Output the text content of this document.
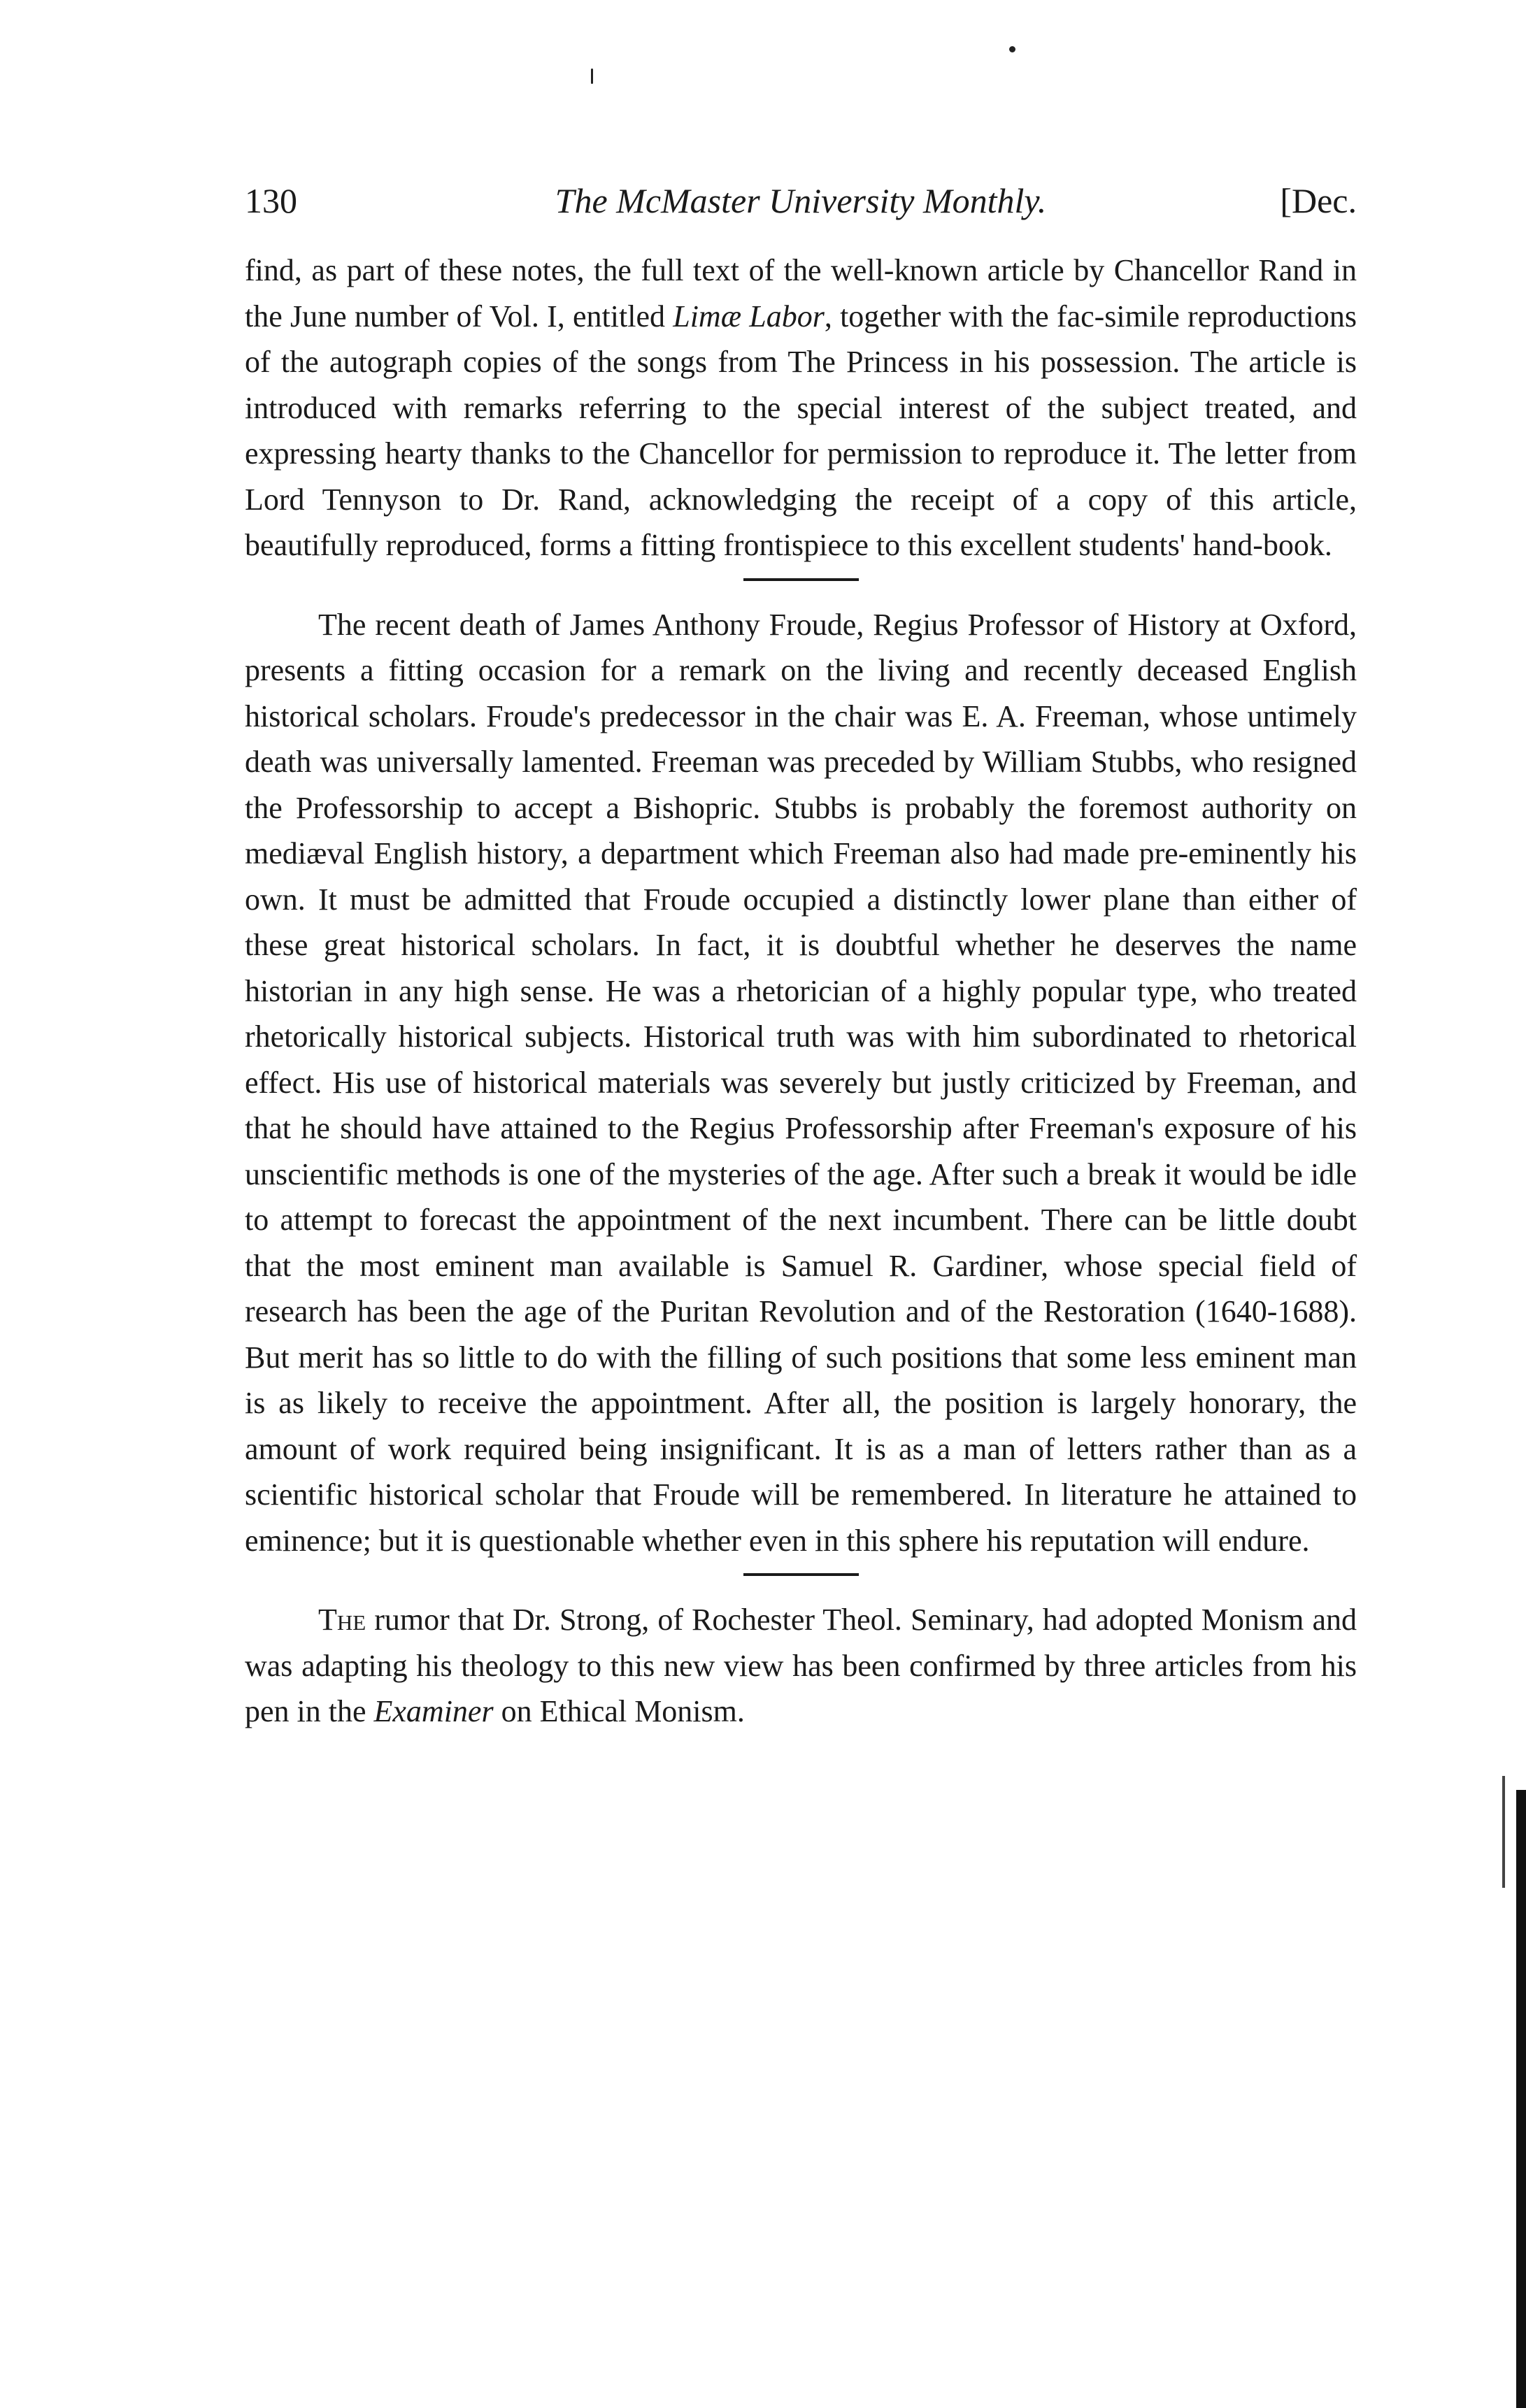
130	The McMaster University Monthly.	[Dec.

find, as part of these notes, the full text of the well-known article by Chancellor Rand in the June number of Vol. I, entitled Limæ Labor, together with the fac-simile reproductions of the autograph copies of the songs from The Princess in his possession. The article is introduced with remarks referring to the special interest of the subject treated, and expressing hearty thanks to the Chancellor for permission to reproduce it. The letter from Lord Tennyson to Dr. Rand, acknowledging the receipt of a copy of this article, beautifully reproduced, forms a fitting frontispiece to this excellent students' hand-book.

The recent death of James Anthony Froude, Regius Professor of History at Oxford, presents a fitting occasion for a remark on the living and recently deceased English historical scholars. Froude's predecessor in the chair was E. A. Freeman, whose untimely death was universally lamented. Freeman was preceded by William Stubbs, who resigned the Professorship to accept a Bishopric. Stubbs is probably the foremost authority on mediæval English history, a department which Freeman also had made pre-eminently his own. It must be admitted that Froude occupied a distinctly lower plane than either of these great historical scholars. In fact, it is doubtful whether he deserves the name historian in any high sense. He was a rhetorician of a highly popular type, who treated rhetorically historical subjects. Historical truth was with him subordinated to rhetorical effect. His use of historical materials was severely but justly criticized by Freeman, and that he should have attained to the Regius Professorship after Freeman's exposure of his unscientific methods is one of the mysteries of the age. After such a break it would be idle to attempt to forecast the appointment of the next incumbent. There can be little doubt that the most eminent man available is Samuel R. Gardiner, whose special field of research has been the age of the Puritan Revolution and of the Restoration (1640-1688). But merit has so little to do with the filling of such positions that some less eminent man is as likely to receive the appointment. After all, the position is largely honorary, the amount of work required being insignificant. It is as a man of letters rather than as a scientific historical scholar that Froude will be remembered. In literature he attained to eminence; but it is questionable whether even in this sphere his reputation will endure.

The rumor that Dr. Strong, of Rochester Theol. Seminary, had adopted Monism and was adapting his theology to this new view has been confirmed by three articles from his pen in the Examiner on Ethical Monism.
